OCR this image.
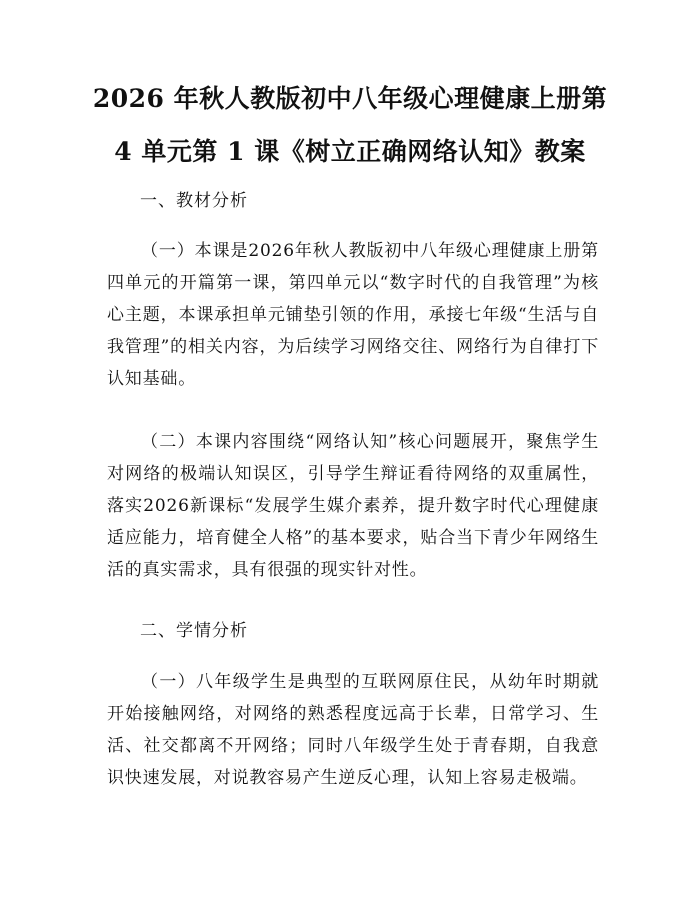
2026 年秋人教版初中八年级心理健康上册第
4 单元第 1 课《树立正确网络认知》教案
一、教材分析

（一）本课是2026年秋人教版初中八年级心理健康上册第四单元的开篇第一课，第四单元以“数字时代的自我管理”为核心主题，本课承担单元铺垫引领的作用，承接七年级“生活与自我管理”的相关内容，为后续学习网络交往、网络行为自律打下认知基础。

（二）本课内容围绕“网络认知”核心问题展开，聚焦学生对网络的极端认知误区，引导学生辩证看待网络的双重属性，落实2026新课标“发展学生媒介素养，提升数字时代心理健康适应能力，培育健全人格”的基本要求，贴合当下青少年网络生活的真实需求，具有很强的现实针对性。

二、学情分析

（一）八年级学生是典型的互联网原住民，从幼年时期就开始接触网络，对网络的熟悉程度远高于长辈，日常学习、生活、社交都离不开网络；同时八年级学生处于青春期，自我意识快速发展，对说教容易产生逆反心理，认知上容易走极端。
